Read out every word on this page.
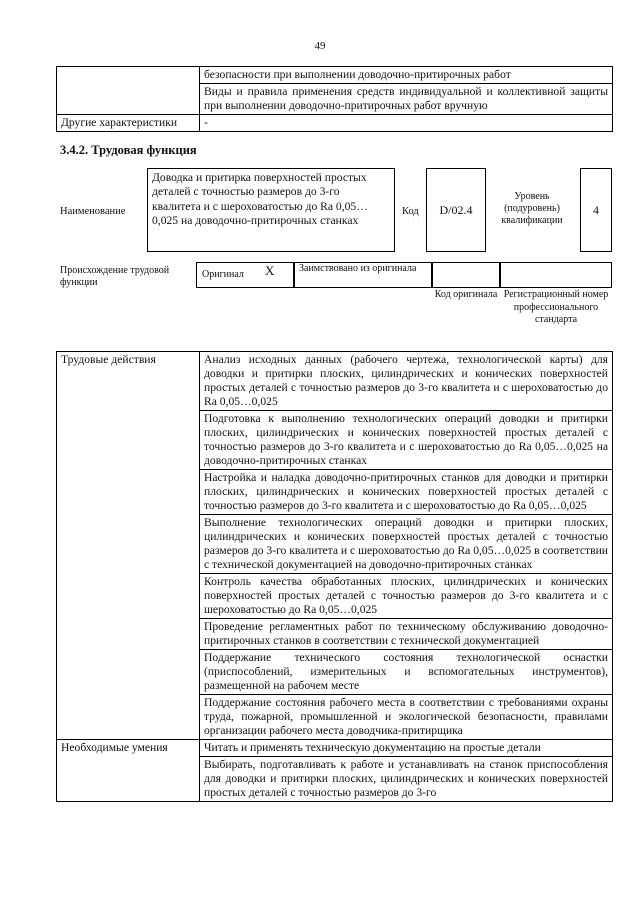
49
	безопасности при выполнении доводочно-притирочных работ
	Виды и правила применения средств индивидуальной и коллективной защиты при выполнении доводочно-притирочных работ вручную
Другие характеристики	-
3.4.2. Трудовая функция
Наименование
Доводка и притирка поверхностей простых деталей с точностью размеров до 3-го квалитета и с шероховатостью до Ra 0,05…0,025 на доводочно-притирочных станках
Код D/02.4
Уровень (подуровень) квалификации
4
Происхождение трудовой функции
Оригинал X Заимствовано из оригинала
Код оригинала Регистрационный номер профессионального стандарта
Трудовые действия	Анализ исходных данных (рабочего чертежа, технологической карты) для доводки и притирки плоских, цилиндрических и конических поверхностей простых деталей с точностью размеров до 3-го квалитета и с шероховатостью до Ra 0,05…0,025
	Подготовка к выполнению технологических операций доводки и притирки плоских, цилиндрических и конических поверхностей простых деталей с точностью размеров до 3-го квалитета и с шероховатостью до Ra 0,05…0,025 на доводочно-притирочных станках
	Настройка и наладка доводочно-притирочных станков для доводки и притирки плоских, цилиндрических и конических поверхностей простых деталей с точностью размеров до 3-го квалитета и с шероховатостью до Ra 0,05…0,025
	Выполнение технологических операций доводки и притирки плоских, цилиндрических и конических поверхностей простых деталей с точностью размеров до 3-го квалитета и с шероховатостью до Ra 0,05…0,025 в соответствии с технической документацией на доводочно-притирочных станках
	Контроль качества обработанных плоских, цилиндрических и конических поверхностей простых деталей с точностью размеров до 3-го квалитета и с шероховатостью до Ra 0,05…0,025
	Проведение регламентных работ по техническому обслуживанию доводочно-притирочных станков в соответствии с технической документацией
	Поддержание технического состояния технологической оснастки (приспособлений, измерительных и вспомогательных инструментов), размещенной на рабочем месте
	Поддержание состояния рабочего места в соответствии с требованиями охраны труда, пожарной, промышленной и экологической безопасности, правилами организации рабочего места доводчика-притирщика
Необходимые умения	Читать и применять техническую документацию на простые детали
	Выбирать, подготавливать к работе и устанавливать на станок приспособления для доводки и притирки плоских, цилиндрических и конических поверхностей простых деталей с точностью размеров до 3-го
